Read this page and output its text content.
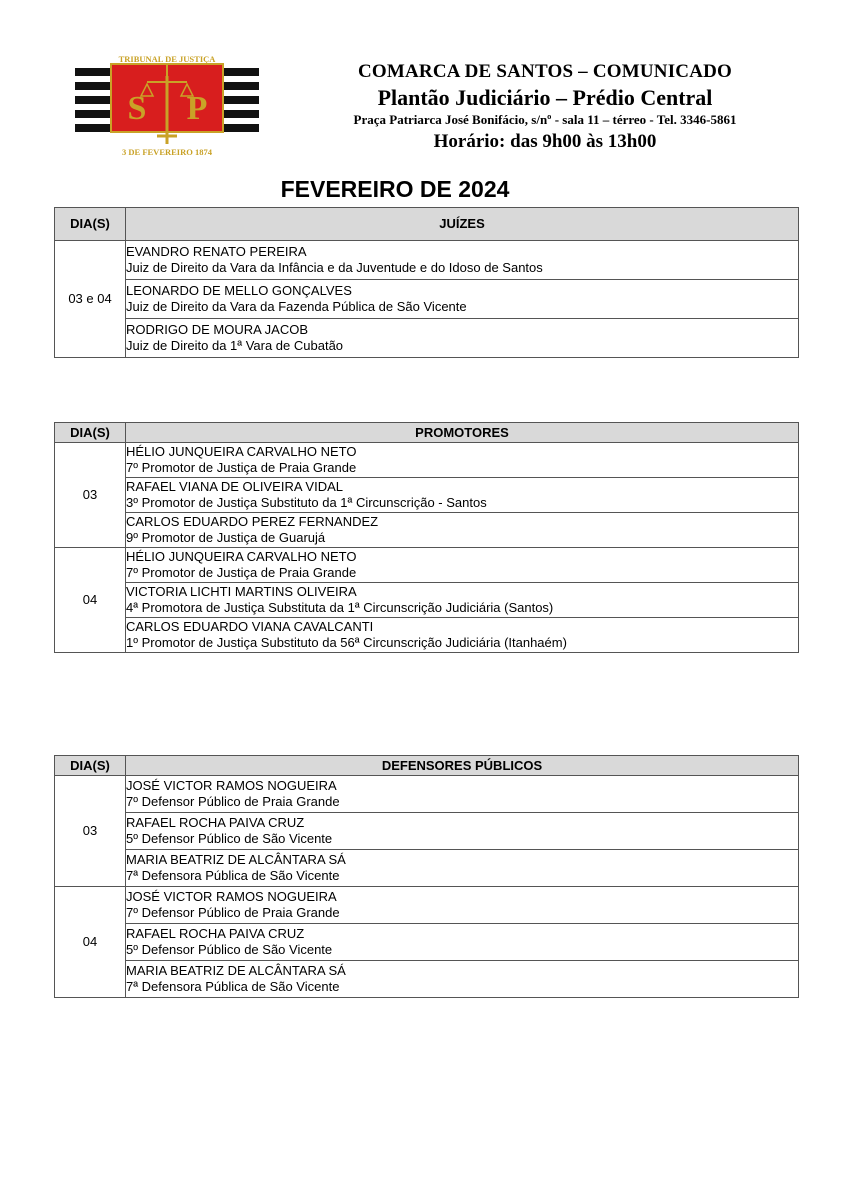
TRIBUNAL DE JUSTIÇA
S P
3 DE FEVEREIRO 1874
COMARCA DE SANTOS – COMUNICADO
Plantão Judiciário – Prédio Central
Praça Patriarca José Bonifácio, s/nº - sala 11 – térreo - Tel. 3346-5861
Horário: das 9h00 às 13h00
FEVEREIRO DE 2024
DIA(S)	JUÍZES
03 e 04	EVANDRO RENATO PEREIRA
Juiz de Direito da Vara da Infância e da Juventude e do Idoso de Santos

	LEONARDO DE MELLO GONÇALVES
Juiz de Direito da Vara da Fazenda Pública de São Vicente

	RODRIGO DE MOURA JACOB
Juiz de Direito da 1ª Vara de Cubatão
DIA(S)	PROMOTORES
03	HÉLIO JUNQUEIRA CARVALHO NETO
7º Promotor de Justiça de Praia Grande

	RAFAEL VIANA DE OLIVEIRA VIDAL
3º Promotor de Justiça Substituto da 1ª Circunscrição - Santos

	CARLOS EDUARDO PEREZ FERNANDEZ
9º Promotor de Justiça de Guarujá

04	HÉLIO JUNQUEIRA CARVALHO NETO
7º Promotor de Justiça de Praia Grande

	VICTORIA LICHTI MARTINS OLIVEIRA
4ª Promotora de Justiça Substituta da 1ª Circunscrição Judiciária (Santos)

	CARLOS EDUARDO VIANA CAVALCANTI
1º Promotor de Justiça Substituto da 56ª Circunscrição Judiciária (Itanhaém)
DIA(S)	DEFENSORES PÚBLICOS
03	JOSÉ VICTOR RAMOS NOGUEIRA
7º Defensor Público de Praia Grande

	RAFAEL ROCHA PAIVA CRUZ
5º Defensor Público de São Vicente

	MARIA BEATRIZ DE ALCÂNTARA SÁ
7ª Defensora Pública de São Vicente

04	JOSÉ VICTOR RAMOS NOGUEIRA
7º Defensor Público de Praia Grande

	RAFAEL ROCHA PAIVA CRUZ
5º Defensor Público de São Vicente

	MARIA BEATRIZ DE ALCÂNTARA SÁ
7ª Defensora Pública de São Vicente
